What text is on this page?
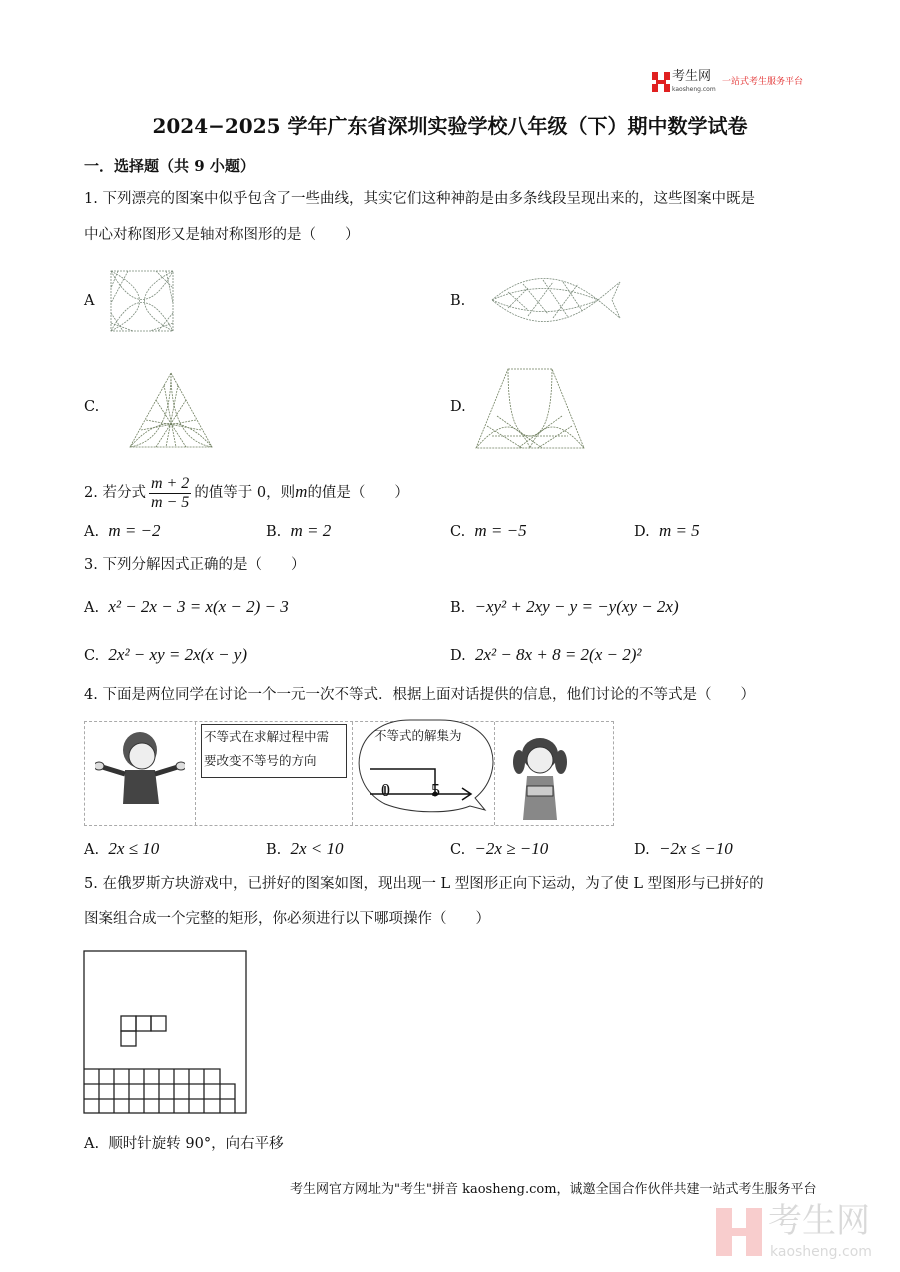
考生网
kaosheng.com
一站式考生服务平台
2024−2025 学年广东省深圳实验学校八年级（下）期中数学试卷
一．选择题（共 9 小题）
1. 下列漂亮的图案中似乎包含了一些曲线，其实它们这种神韵是由多条线段呈现出来的，这些图案中既是
中心对称图形又是轴对称图形的是（　　）
A	B.
C.	D.
2. 若分式 $\frac{m + 2}{m - 5}$ 的值等于 0，则m的值是（　　）
A. m = −2	B. m = 2	C. m = −5	D. m = 5
3. 下列分解因式正确的是（　　）
A. x² − 2x − 3 = x(x − 2) − 3	B. −xy² + 2xy − y = −y(xy − 2x)
C. 2x² − xy = 2x(x − y)	D. 2x² − 8x + 8 = 2(x − 2)²
4. 下面是两位同学在讨论一个一元一次不等式．根据上面对话提供的信息，他们讨论的不等式是（　　）
不等式在求解过程中需
要改变不等号的方向
不等式的解集为
0 5
A. 2x ≤ 10	B. 2x < 10	C. −2x ≥ −10	D. −2x ≤ −10
5. 在俄罗斯方块游戏中，已拼好的图案如图，现出现一 L 型图形正向下运动，为了使 L 型图形与已拼好的
图案组合成一个完整的矩形，你必须进行以下哪项操作（　　）
A. 顺时针旋转 90°，向右平移
考生网官方网址为"考生"拼音 kaosheng.com，诚邀全国合作伙伴共建一站式考生服务平台
考生网
kaosheng.com
